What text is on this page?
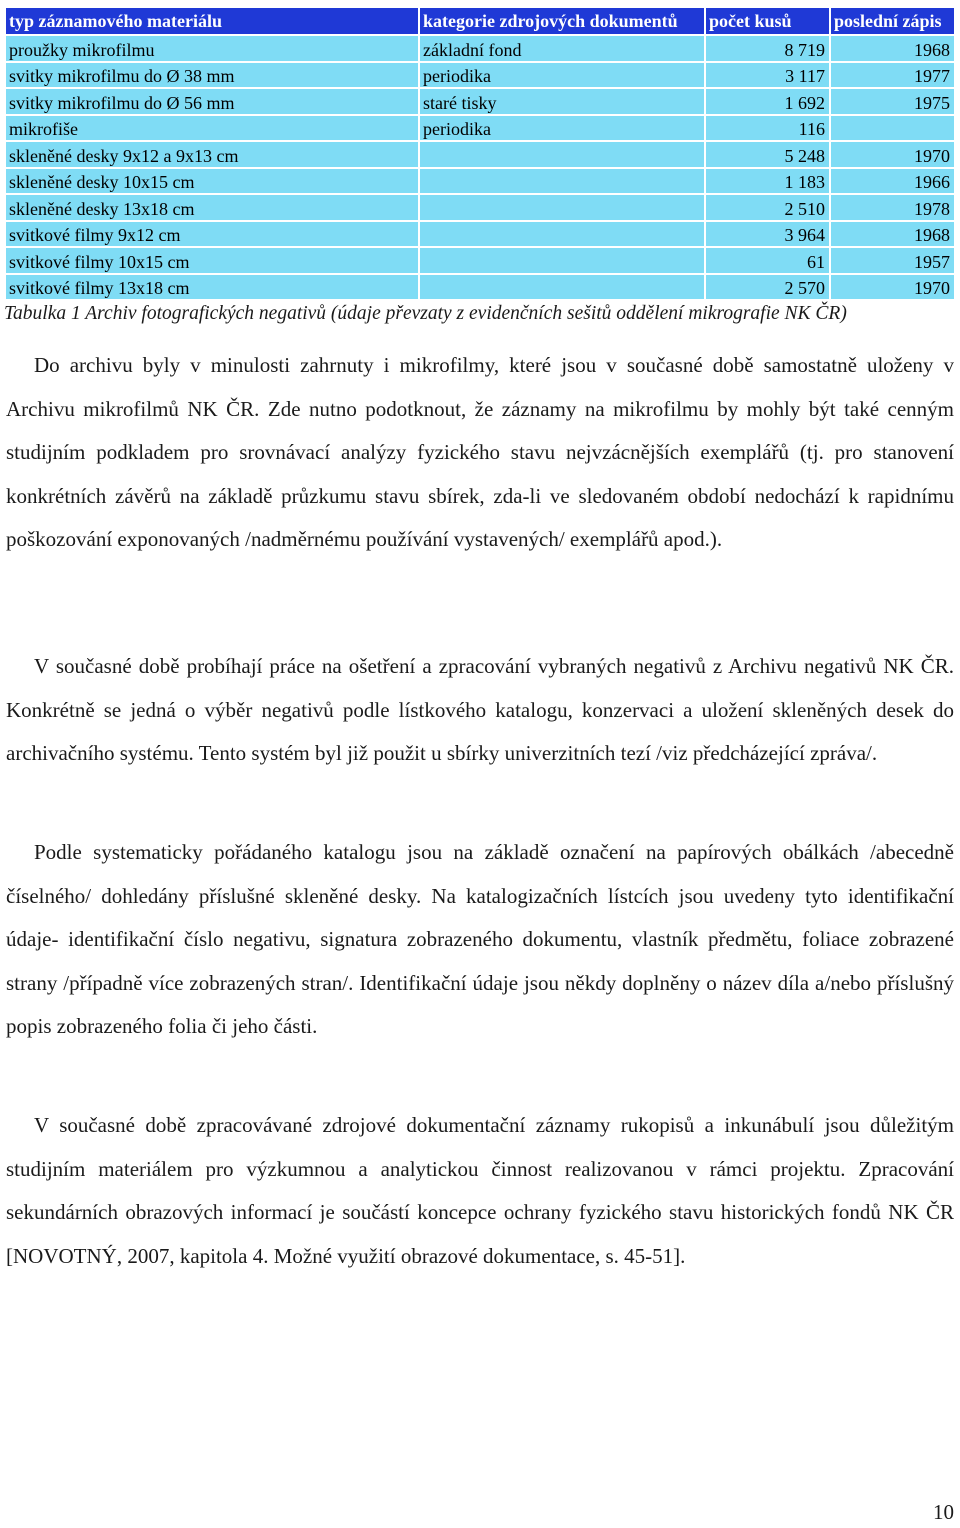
typ záznamového materiálu	kategorie zdrojových dokumentů	počet kusů	poslední zápis
proužky mikrofilmu	základní fond	8 719	1968
svitky mikrofilmu do Ø 38 mm	periodika	3 117	1977
svitky mikrofilmu do Ø 56 mm	staré tisky	1 692	1975
mikrofiše	periodika	116	
skleněné desky 9x12 a 9x13 cm		5 248	1970
skleněné desky 10x15 cm		1 183	1966
skleněné desky 13x18 cm		2 510	1978
svitkové filmy 9x12 cm		3 964	1968
svitkové filmy 10x15 cm		61	1957
svitkové filmy 13x18 cm		2 570	1970

Tabulka 1 Archiv fotografických negativů (údaje převzaty z evidenčních sešitů oddělení mikrografie NK ČR)

Do archivu byly v minulosti zahrnuty i mikrofilmy, které jsou v současné době samostatně uloženy v Archivu mikrofilmů NK ČR. Zde nutno podotknout, že záznamy na mikrofilmu by mohly být také cenným studijním podkladem pro srovnávací analýzy fyzického stavu nejvzácnějších exemplářů (tj. pro stanovení konkrétních závěrů na základě průzkumu stavu sbírek, zda-li ve sledovaném období nedochází k rapidnímu poškozování exponovaných /nadměrnému používání vystavených/ exemplářů apod.).

V současné době probíhají práce na ošetření a zpracování vybraných negativů z Archivu negativů NK ČR. Konkrétně se jedná o výběr negativů podle lístkového katalogu, konzervaci a uložení skleněných desek do archivačního systému. Tento systém byl již použit u sbírky univerzitních tezí /viz předcházející zpráva/.

Podle systematicky pořádaného katalogu jsou na základě označení na papírových obálkách /abecedně číselného/ dohledány příslušné skleněné desky. Na katalogizačních lístcích jsou uvedeny tyto identifikační údaje- identifikační číslo negativu, signatura zobrazeného dokumentu, vlastník předmětu, foliace zobrazené strany /případně více zobrazených stran/. Identifikační údaje jsou někdy doplněny o název díla a/nebo příslušný popis zobrazeného folia či jeho části.

V současné době zpracovávané zdrojové dokumentační záznamy rukopisů a inkunábulí jsou důležitým studijním materiálem pro výzkumnou a analytickou činnost realizovanou v rámci projektu. Zpracování sekundárních obrazových informací je součástí koncepce ochrany fyzického stavu historických fondů NK ČR [NOVOTNÝ, 2007, kapitola 4. Možné využití obrazové dokumentace, s. 45-51].

10
